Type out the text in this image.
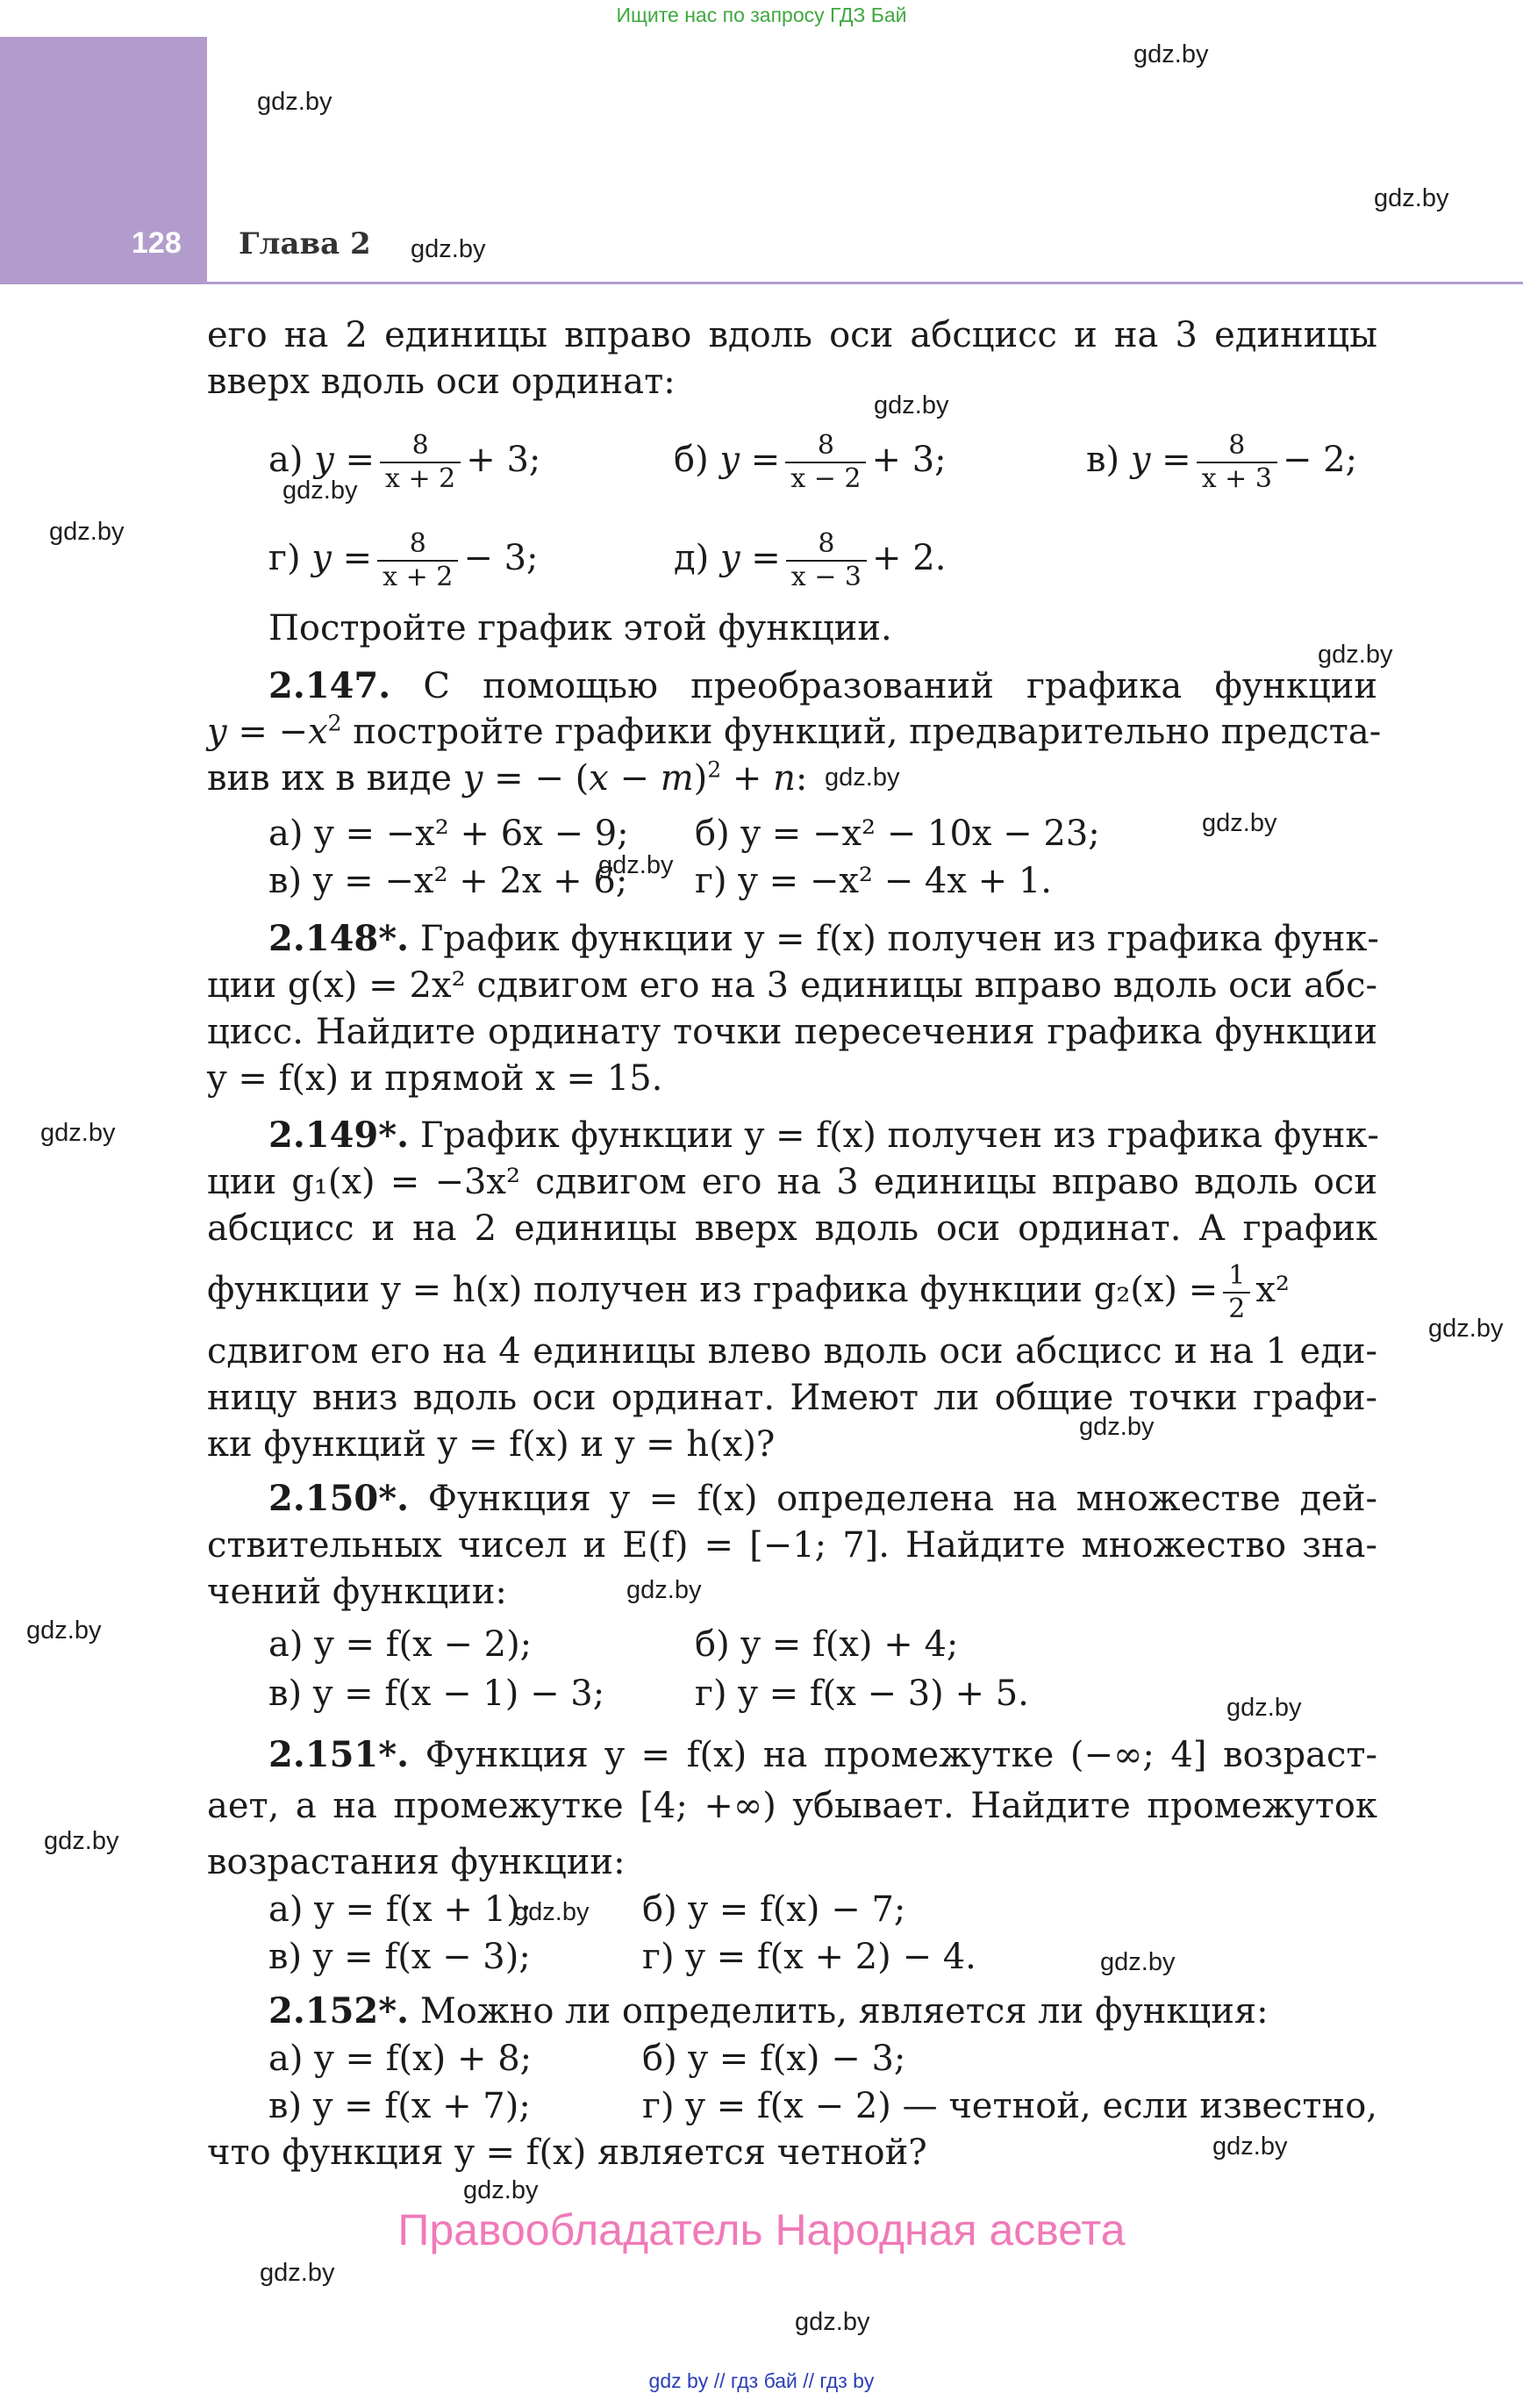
Ищите нас по запросу ГДЗ Бай
128 Глава 2
gdz.by
gdz.by
gdz.by
gdz.by
gdz.by
gdz.by
gdz.by
gdz.by
gdz.by
gdz.by
gdz.by
gdz.by
gdz.by
gdz.by
gdz.by
gdz.by
gdz.by
gdz.by
gdz.by
gdz.by
gdz.by
gdz.by
gdz.by
gdz.by
его на 2 единицы вправо вдоль оси абсцисс и на 3 единицы
вверх вдоль оси ординат:
а) $y = \frac{8}{x + 2} + 3$;	б) $y = \frac{8}{x - 2} + 3$;	в) $y = \frac{8}{x + 3} - 2$;
г) $y = \frac{8}{x + 2} - 3$;	д) $y = \frac{8}{x - 3} + 2$.
Постройте график этой функции.
2.147. С помощью преобразований графика функции
$y = -x^2$ постройте графики функций, предварительно предста-
вив их в виде y = − $(x - m)^2 + n$:
а) y = −x² + 6x − 9; б) y = −x² − 10x − 23;
в) y = −x² + 2x + 6; г) y = −x² − 4x + 1.
2.148*. График функции y = f(x) получен из графика функ-
ции g(x) = 2x² сдвигом его на 3 единицы вправо вдоль оси абс-
цисс. Найдите ординату точки пересечения графика функции
y = f(x) и прямой x = 15.
2.149*. График функции y = f(x) получен из графика функ-
ции g₁(x) = −3x² сдвигом его на 3 единицы вправо вдоль оси
абсцисс и на 2 единицы вверх вдоль оси ординат. А график
функции y = h(x) получен из графика функции $g_2(x) = \frac{1}{2} x^2$
сдвигом его на 4 единицы влево вдоль оси абсцисс и на 1 еди-
ницу вниз вдоль оси ординат. Имеют ли общие точки графи-
ки функций y = f(x) и y = h(x)?
2.150*. Функция y = f(x) определена на множестве дей-
ствительных чисел и E(f) = [−1; 7]. Найдите множество зна-
чений функции:
а) y = f(x − 2);	б) y = f(x) + 4;
в) y = f(x − 1) − 3;	г) y = f(x − 3) + 5.
2.151*. Функция y = f(x) на промежутке (−∞; 4] возраст-
ает, а на промежутке [4; +∞) убывает. Найдите промежуток
возрастания функции:
а) y = f(x + 1);	б) y = f(x) − 7;
в) y = f(x − 3);	г) y = f(x + 2) − 4.
2.152*. Можно ли определить, является ли функция:
а) y = f(x) + 8;	б) y = f(x) − 3;
в) y = f(x + 7);	г) y = f(x − 2) — четной, если известно,
что функция y = f(x) является четной?
Правообладатель Народная асвета
gdz by // гдз бай // гдз by
